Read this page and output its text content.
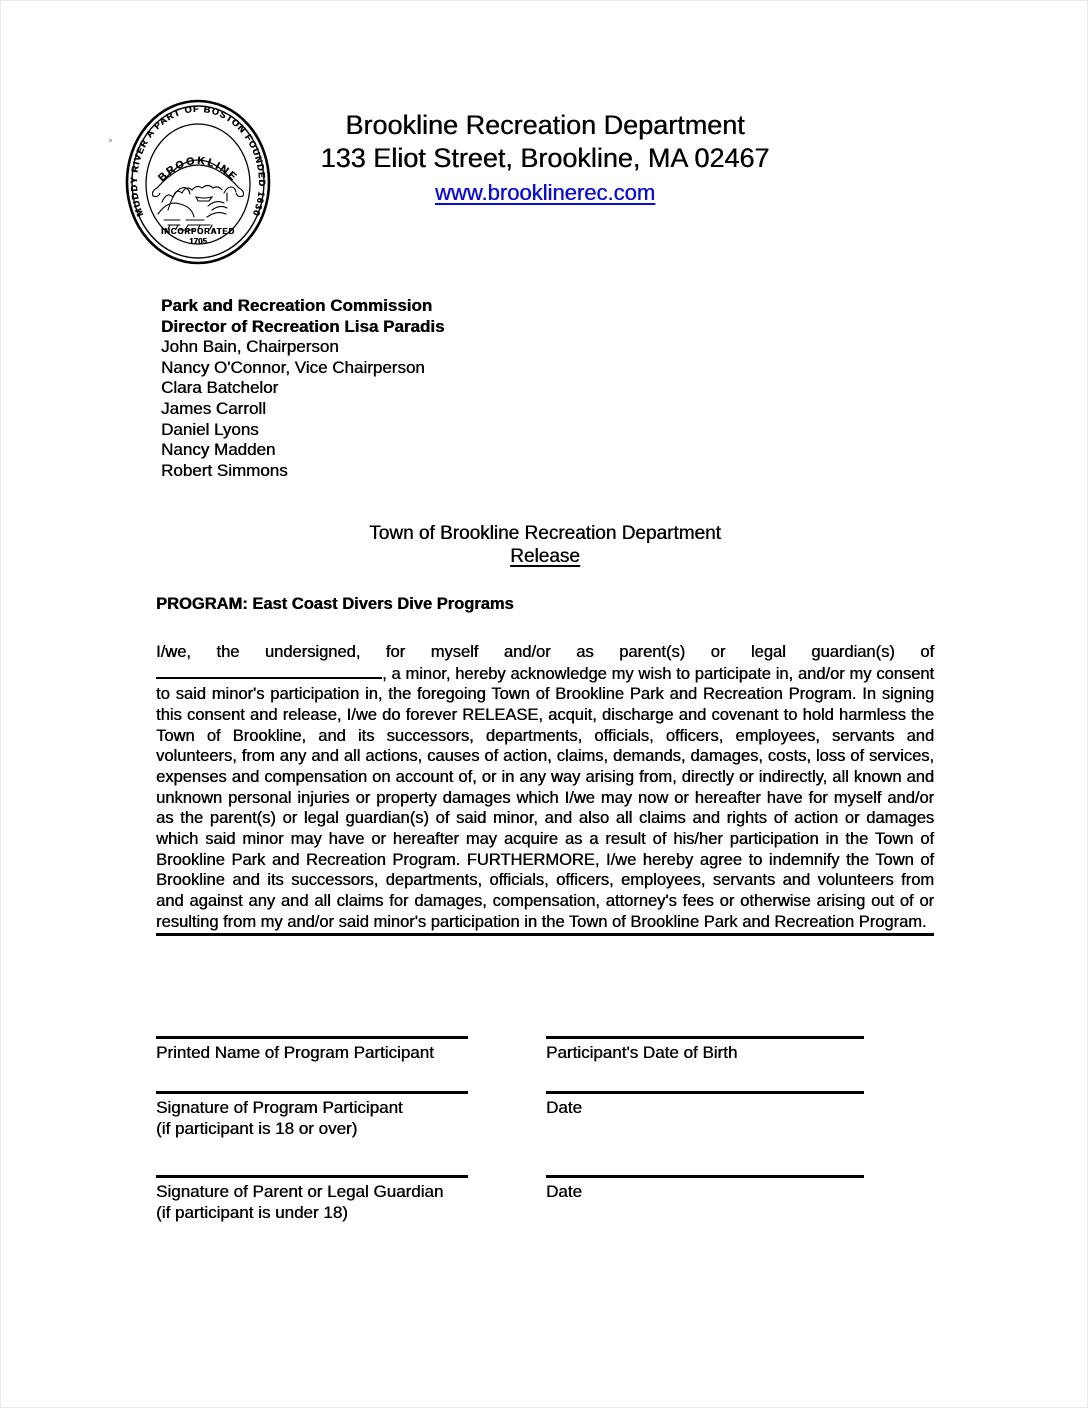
MUDDY RIVER A PART OF BOSTON FOUNDED 1630
BROOKLINE
INCORPORATED
1705
Brookline Recreation Department
133 Eliot Street, Brookline, MA 02467
www.brooklinerec.com
Park and Recreation Commission
Director of Recreation Lisa Paradis
John Bain, Chairperson
Nancy O'Connor, Vice Chairperson
Clara Batchelor
James Carroll
Daniel Lyons
Nancy Madden
Robert Simmons
Town of Brookline Recreation Department
Release
PROGRAM: East Coast Divers Dive Programs
I/we, the undersigned, for myself and/or as parent(s) or legal guardian(s) of , a minor, hereby acknowledge my wish to participate in, and/or my consent to said minor's participation in, the foregoing Town of Brookline Park and Recreation Program. In signing this consent and release, I/we do forever RELEASE, acquit, discharge and covenant to hold harmless the Town of Brookline, and its successors, departments, officials, officers, employees, servants and volunteers, from any and all actions, causes of action, claims, demands, damages, costs, loss of services, expenses and compensation on account of, or in any way arising from, directly or indirectly, all known and unknown personal injuries or property damages which I/we may now or hereafter have for myself and/or as the parent(s) or legal guardian(s) of said minor, and also all claims and rights of action or damages which said minor may have or hereafter may acquire as a result of his/her participation in the Town of Brookline Park and Recreation Program. FURTHERMORE, I/we hereby agree to indemnify the Town of Brookline and its successors, departments, officials, officers, employees, servants and volunteers from and against any and all claims for damages, compensation, attorney's fees or otherwise arising out of or resulting from my and/or said minor's participation in the Town of Brookline Park and Recreation Program.
Printed Name of Program Participant	Participant's Date of Birth
Signature of Program Participant
(if participant is 18 or over)
Date
Signature of Parent or Legal Guardian
(if participant is under 18)
Date
